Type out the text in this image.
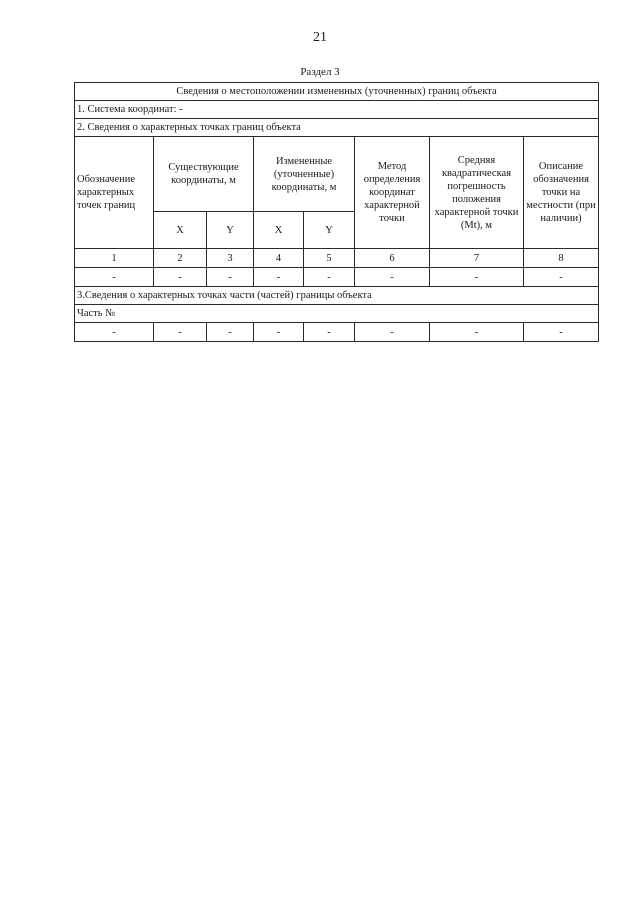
21
Раздел 3
Сведения о местоположении измененных (уточненных) границ объекта							
1. Система координат: -							
2. Сведения о характерных точках границ объекта							
Обозначение характерных точек границ	Существующие координаты, м		Измененные (уточненные) координаты, м		Метод определения координат характерной точки	Средняя квадратическая погрешность положения характерной точки (Mt), м	Описание обозначения точки на местности (при наличии)
	X	Y	X	Y			
1	2	3	4	5	6	7	8
-	-	-	-	-	-	-	-
3.Сведения о характерных точках части (частей) границы объекта							
Часть №							
-	-	-	-	-	-	-	-
